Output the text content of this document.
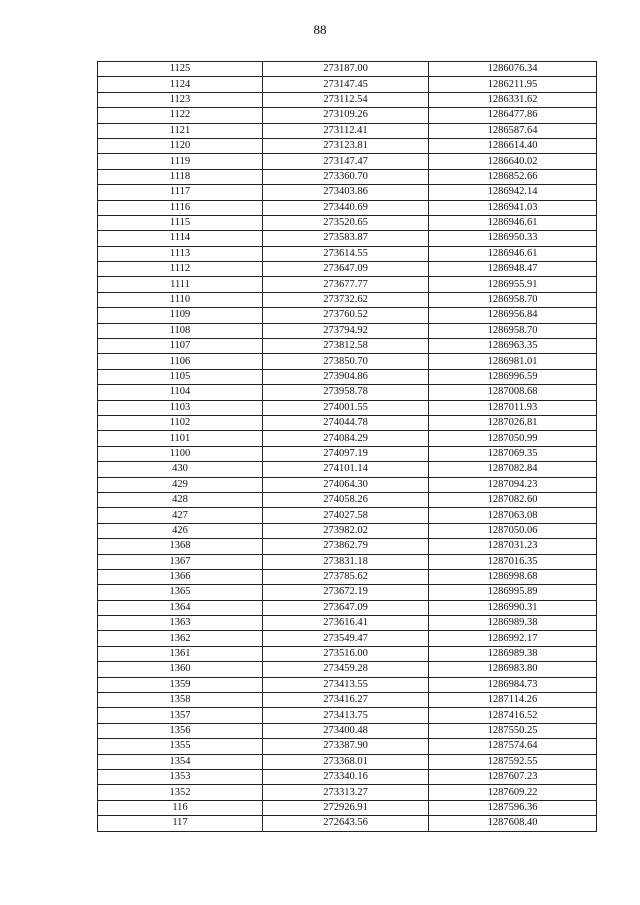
88
1125	273187.00	1286076.34
1124	273147.45	1286211.95
1123	273112.54	1286331.62
1122	273109.26	1286477.86
1121	273112.41	1286587.64
1120	273123.81	1286614.40
1119	273147.47	1286640.02
1118	273360.70	1286852.66
1117	273403.86	1286942.14
1116	273440.69	1286941.03
1115	273520.65	1286946.61
1114	273583.87	1286950.33
1113	273614.55	1286946.61
1112	273647.09	1286948.47
1111	273677.77	1286955.91
1110	273732.62	1286958.70
1109	273760.52	1286956.84
1108	273794.92	1286958.70
1107	273812.58	1286963.35
1106	273850.70	1286981.01
1105	273904.86	1286996.59
1104	273958.78	1287008.68
1103	274001.55	1287011.93
1102	274044.78	1287026.81
1101	274084.29	1287050.99
1100	274097.19	1287069.35
430	274101.14	1287082.84
429	274064.30	1287094.23
428	274058.26	1287082.60
427	274027.58	1287063.08
426	273982.02	1287050.06
1368	273862.79	1287031.23
1367	273831.18	1287016.35
1366	273785.62	1286998.68
1365	273672.19	1286995.89
1364	273647.09	1286990.31
1363	273616.41	1286989.38
1362	273549.47	1286992.17
1361	273516.00	1286989.38
1360	273459.28	1286983.80
1359	273413.55	1286984.73
1358	273416.27	1287114.26
1357	273413.75	1287416.52
1356	273400.48	1287550.25
1355	273387.90	1287574.64
1354	273368.01	1287592.55
1353	273340.16	1287607.23
1352	273313.27	1287609.22
116	272926.91	1287596.36
117	272643.56	1287608.40
